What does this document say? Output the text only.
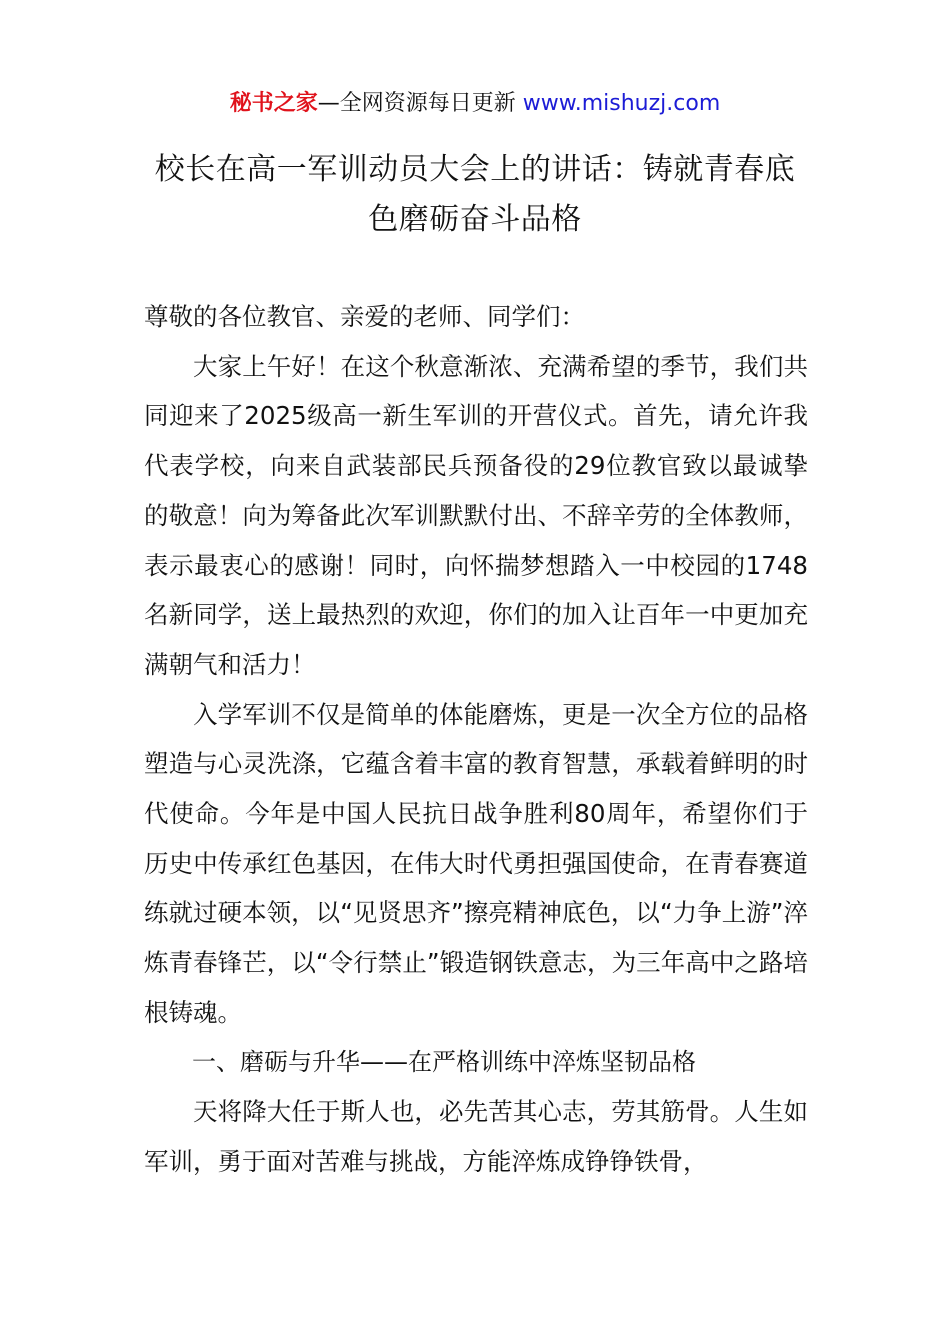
秘书之家—全网资源每日更新 www.mishuzj.com
校长在高一军训动员大会上的讲话：铸就青春底色磨砺奋斗品格

尊敬的各位教官、亲爱的老师、同学们：

大家上午好！在这个秋意渐浓、充满希望的季节，我们共同迎来了2025级高一新生军训的开营仪式。首先，请允许我代表学校，向来自武装部民兵预备役的29位教官致以最诚挚的敬意！向为筹备此次军训默默付出、不辞辛劳的全体教师，表示最衷心的感谢！同时，向怀揣梦想踏入一中校园的1748名新同学，送上最热烈的欢迎，你们的加入让百年一中更加充满朝气和活力！

入学军训不仅是简单的体能磨炼，更是一次全方位的品格塑造与心灵洗涤，它蕴含着丰富的教育智慧，承载着鲜明的时代使命。今年是中国人民抗日战争胜利80周年，希望你们于历史中传承红色基因，在伟大时代勇担强国使命，在青春赛道练就过硬本领，以“见贤思齐”擦亮精神底色，以“力争上游”淬炼青春锋芒，以“令行禁止”锻造钢铁意志，为三年高中之路培根铸魂。

一、磨砺与升华——在严格训练中淬炼坚韧品格

天将降大任于斯人也，必先苦其心志，劳其筋骨。人生如军训，勇于面对苦难与挑战，方能淬炼成铮铮铁骨，
